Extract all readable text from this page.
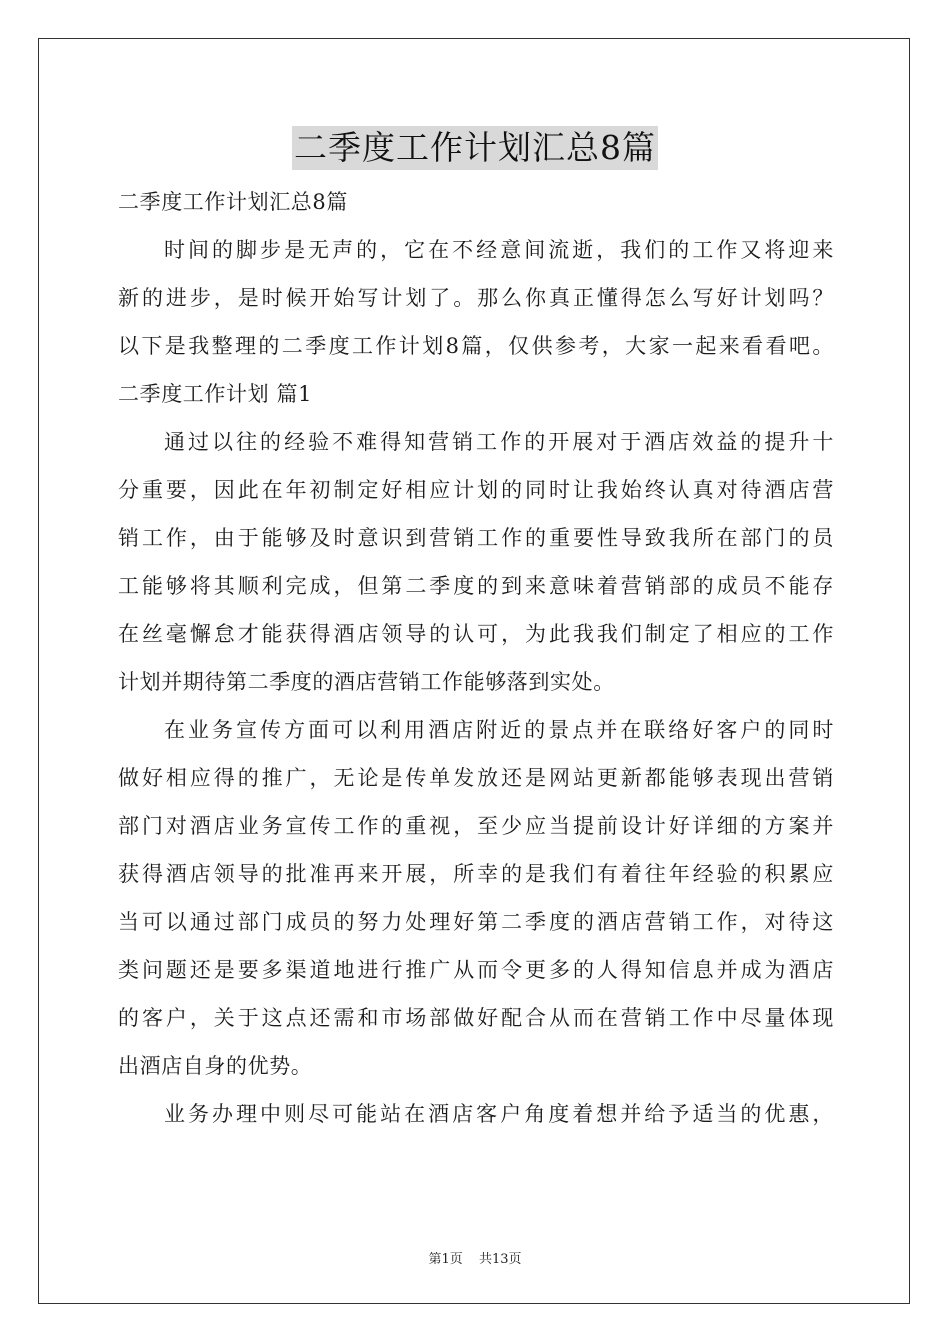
二季度工作计划汇总8篇
二季度工作计划汇总8篇
时间的脚步是无声的，它在不经意间流逝，我们的工作又将迎来
新的进步，是时候开始写计划了。那么你真正懂得怎么写好计划吗？
以下是我整理的二季度工作计划8篇，仅供参考，大家一起来看看吧。
二季度工作计划 篇1
通过以往的经验不难得知营销工作的开展对于酒店效益的提升十
分重要，因此在年初制定好相应计划的同时让我始终认真对待酒店营
销工作，由于能够及时意识到营销工作的重要性导致我所在部门的员
工能够将其顺利完成，但第二季度的到来意味着营销部的成员不能存
在丝毫懈怠才能获得酒店领导的认可，为此我我们制定了相应的工作
计划并期待第二季度的酒店营销工作能够落到实处。
在业务宣传方面可以利用酒店附近的景点并在联络好客户的同时
做好相应得的推广，无论是传单发放还是网站更新都能够表现出营销
部门对酒店业务宣传工作的重视，至少应当提前设计好详细的方案并
获得酒店领导的批准再来开展，所幸的是我们有着往年经验的积累应
当可以通过部门成员的努力处理好第二季度的酒店营销工作，对待这
类问题还是要多渠道地进行推广从而令更多的人得知信息并成为酒店
的客户，关于这点还需和市场部做好配合从而在营销工作中尽量体现
出酒店自身的优势。
业务办理中则尽可能站在酒店客户角度着想并给予适当的优惠，
第1页 共13页
